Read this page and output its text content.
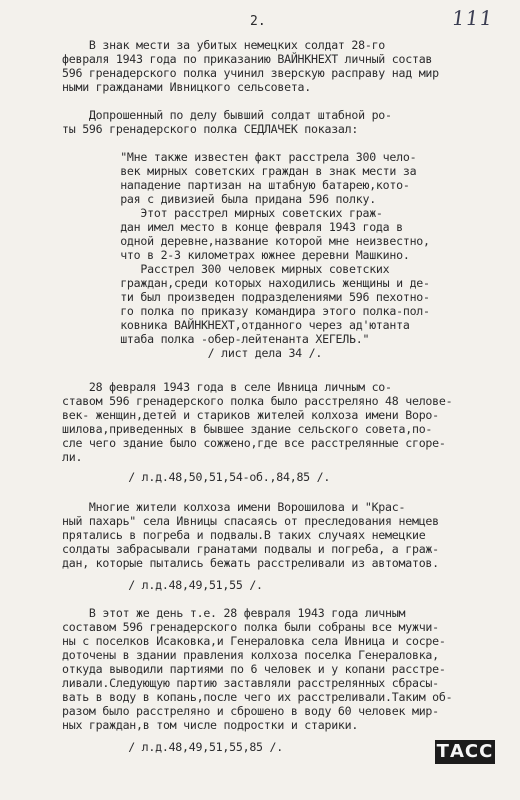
2.	111
В знак мести за убитых немецких солдат 28-го
февраля 1943 года по приказанию ВАЙНКНЕХТ личный состав
596 гренадерского полка учинил зверскую расправу над мир
ными гражданами Ивницкого сельсовета.
Допрошенный по делу бывший солдат штабной ро-
ты 596 гренадерского полка СЕДЛАЧЕК показал:
"Мне также известен факт расстрела 300 чело-
век мирных советских граждан в знак мести за
нападение партизан на штабную батарею,кото-
рая с дивизией была придана 596 полку.
Этот расстрел мирных советских граж-
дан имел место в конце февраля 1943 года в
одной деревне,название которой мне неизвестно,
что в 2-3 километрах южнее деревни Машкино.
Расстрел 300 человек мирных советских
граждан,среди которых находились женщины и де-
ти был произведен подразделениями 596 пехотно-
го полка по приказу командира этого полка-пол-
ковника ВАЙНКНЕХТ,отданного через ад'ютанта
штаба полка -обер-лейтенанта ХЕГЕЛЬ."
/ лист дела 34 /.
28 февраля 1943 года в селе Ивница личным со-
ставом 596 гренадерского полка было расстреляно 48 челове-
век- женщин,детей и стариков жителей колхоза имени Воро-
шилова,приведенных в бывшее здание сельского совета,по-
сле чего здание было сожжено,где все расстрелянные сгоре-
ли.
/ л.д.48,50,51,54-об.,84,85 /.
Многие жители колхоза имени Ворошилова и "Крас-
ный пахарь" села Ивницы спасаясь от преследования немцев
прятались в погреба и подвалы.В таких случаях немецкие
солдаты забрасывали гранатами подвалы и погреба, а граж-
дан, которые пытались бежать расстреливали из автоматов.
/ л.д.48,49,51,55 /.
В этот же день т.е. 28 февраля 1943 года личным
составом 596 гренадерского полка были собраны все мужчи-
ны с поселков Исаковка,и Генераловка села Ивница и сосре-
доточены в здании правления колхоза поселка Генераловка,
откуда выводили партиями по 6 человек и у копани расстре-
ливали.Следующую партию заставляли расстрелянных сбрасы-
вать в воду в копань,после чего их расстреливали.Таким об-
разом было расстреляно и сброшено в воду 60 человек мир-
ных граждан,в том числе подростки и старики.
/ л.д.48,49,51,55,85 /.	ТАСС
